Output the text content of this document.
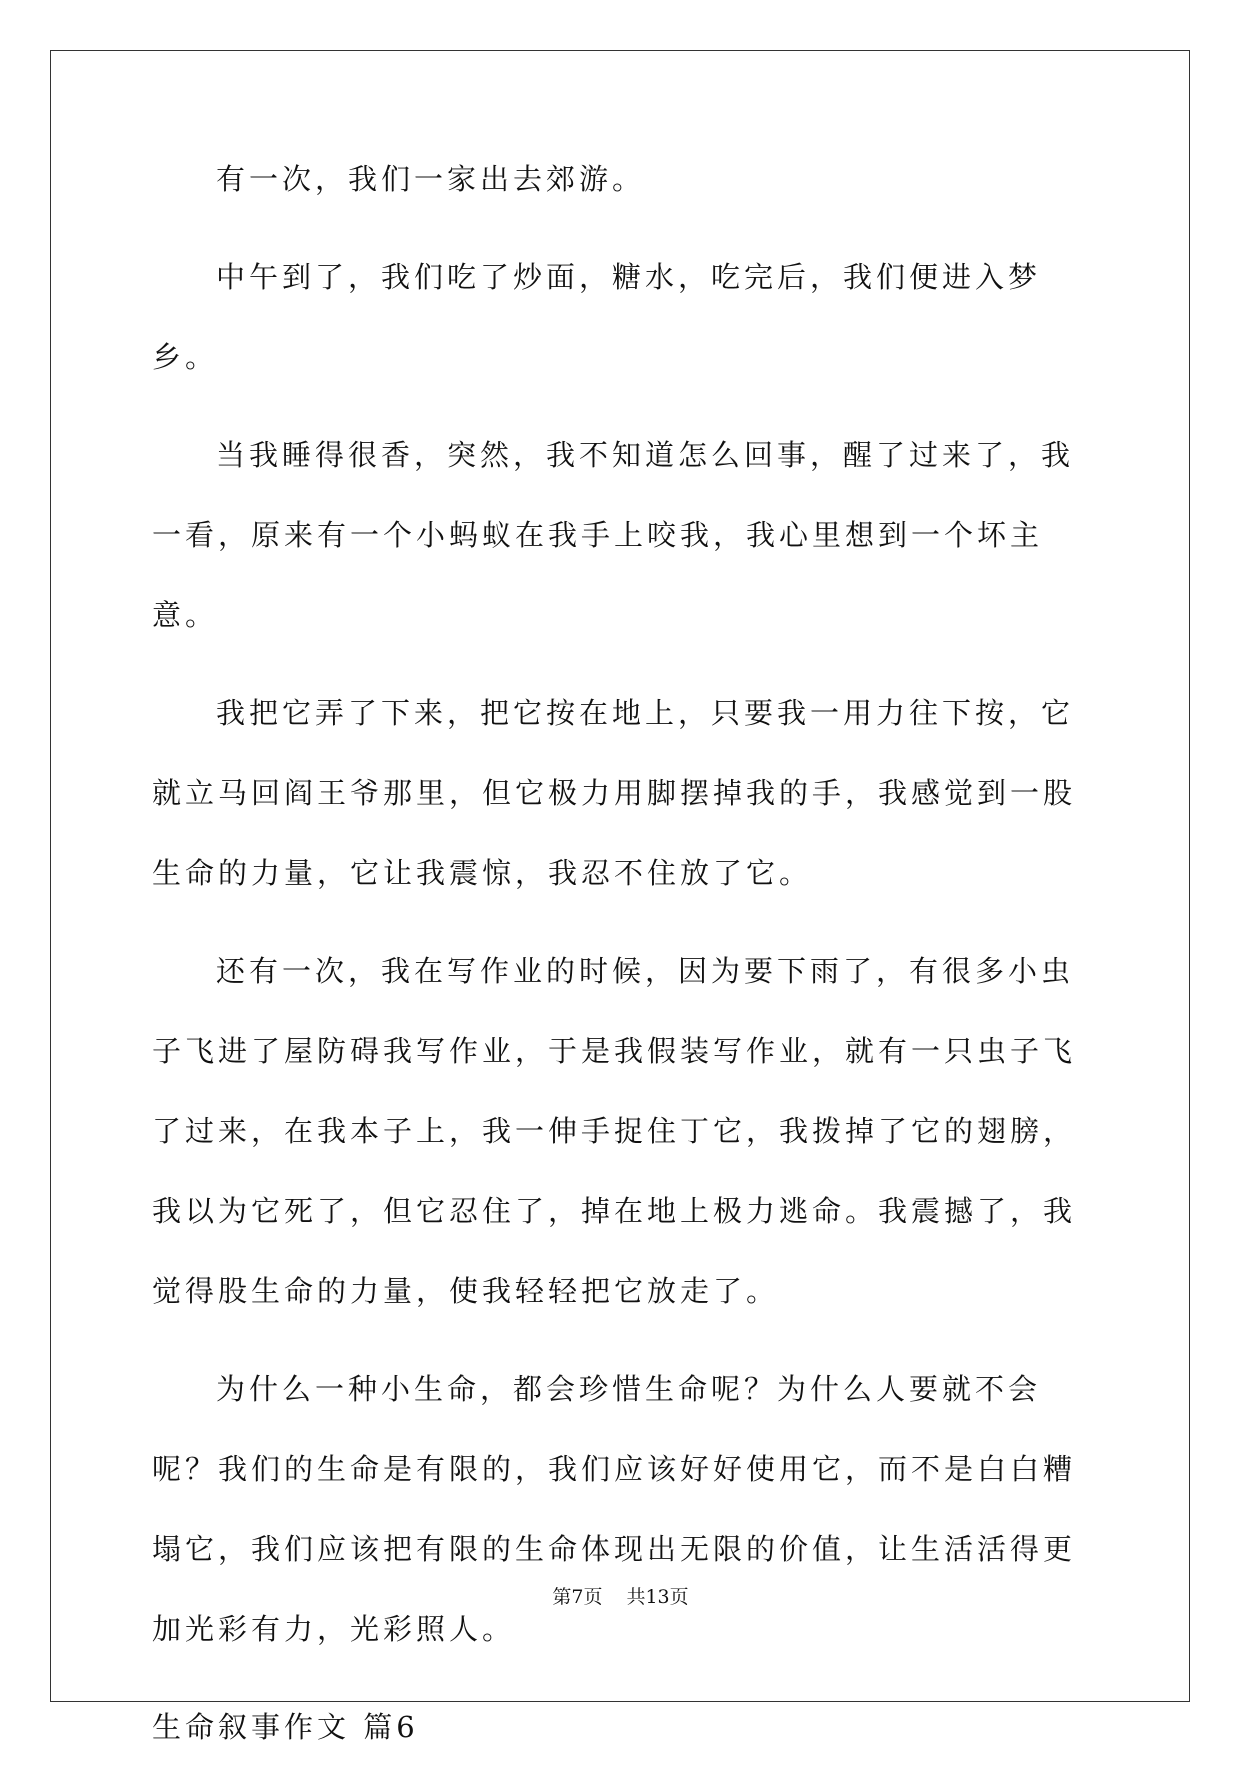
有一次，我们一家出去郊游。

中午到了，我们吃了炒面，糖水，吃完后，我们便进入梦乡。

当我睡得很香，突然，我不知道怎么回事，醒了过来了，我一看，原来有一个小蚂蚁在我手上咬我，我心里想到一个坏主意。

我把它弄了下来，把它按在地上，只要我一用力往下按，它就立马回阎王爷那里，但它极力用脚摆掉我的手，我感觉到一股生命的力量，它让我震惊，我忍不住放了它。

还有一次，我在写作业的时候，因为要下雨了，有很多小虫子飞进了屋防碍我写作业，于是我假装写作业，就有一只虫子飞了过来，在我本子上，我一伸手捉住丁它，我拨掉了它的翅膀，我以为它死了，但它忍住了，掉在地上极力逃命。我震撼了，我觉得股生命的力量，使我轻轻把它放走了。

为什么一种小生命，都会珍惜生命呢？为什么人要就不会呢？我们的生命是有限的，我们应该好好使用它，而不是白白糟塌它，我们应该把有限的生命体现出无限的价值，让生活活得更加光彩有力，光彩照人。

生命叙事作文 篇6

第7页 共13页
